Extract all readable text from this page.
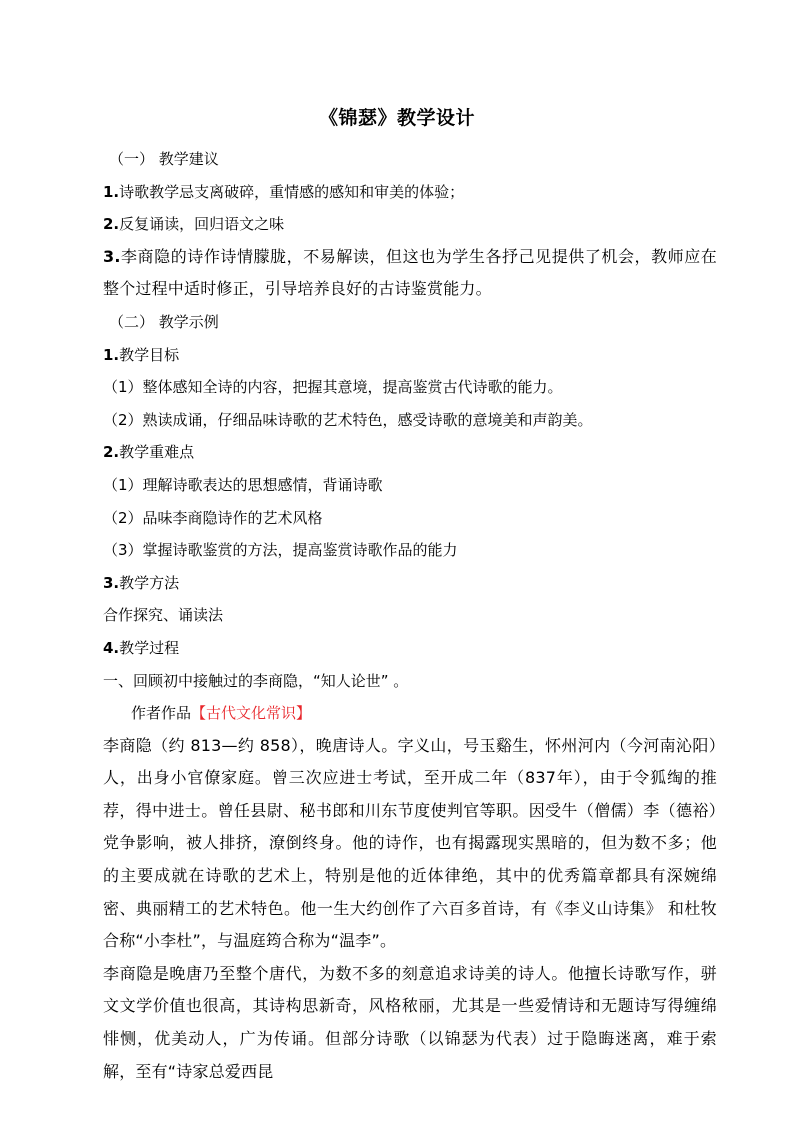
《锦瑟》教学设计
（一） 教学建议
1.诗歌教学忌支离破碎，重情感的感知和审美的体验；
2.反复诵读，回归语文之味
3.李商隐的诗作诗情朦胧，不易解读，但这也为学生各抒己见提供了机会，教师应在整个过程中适时修正，引导培养良好的古诗鉴赏能力。
（二） 教学示例
1.教学目标
（1）整体感知全诗的内容，把握其意境，提高鉴赏古代诗歌的能力。
（2）熟读成诵，仔细品味诗歌的艺术特色，感受诗歌的意境美和声韵美。
2.教学重难点
（1）理解诗歌表达的思想感情，背诵诗歌
（2）品味李商隐诗作的艺术风格
（3）掌握诗歌鉴赏的方法，提高鉴赏诗歌作品的能力
3.教学方法
合作探究、诵读法
4.教学过程
一、回顾初中接触过的李商隐，“知人论世” 。
作者作品【古代文化常识】
李商隐（约 813—约 858），晚唐诗人。字义山，号玉谿生，怀州河内（今河南沁阳）人，出身小官僚家庭。曾三次应进士考试，至开成二年（837年），由于令狐绹的推荐，得中进士。曾任县尉、秘书郎和川东节度使判官等职。因受牛（僧儒）李（德裕）党争影响，被人排挤，潦倒终身。他的诗作，也有揭露现实黑暗的，但为数不多；他的主要成就在诗歌的艺术上，特别是他的近体律绝，其中的优秀篇章都具有深婉绵密、典丽精工的艺术特色。他一生大约创作了六百多首诗，有《李义山诗集》 和杜牧合称“小李杜”，与温庭筠合称为“温李”。
李商隐是晚唐乃至整个唐代，为数不多的刻意追求诗美的诗人。他擅长诗歌写作，骈文文学价值也很高，其诗构思新奇，风格秾丽，尤其是一些爱情诗和无题诗写得缠绵悱恻，优美动人，广为传诵。但部分诗歌（以锦瑟为代表）过于隐晦迷离，难于索解，至有“诗家总爱西昆
